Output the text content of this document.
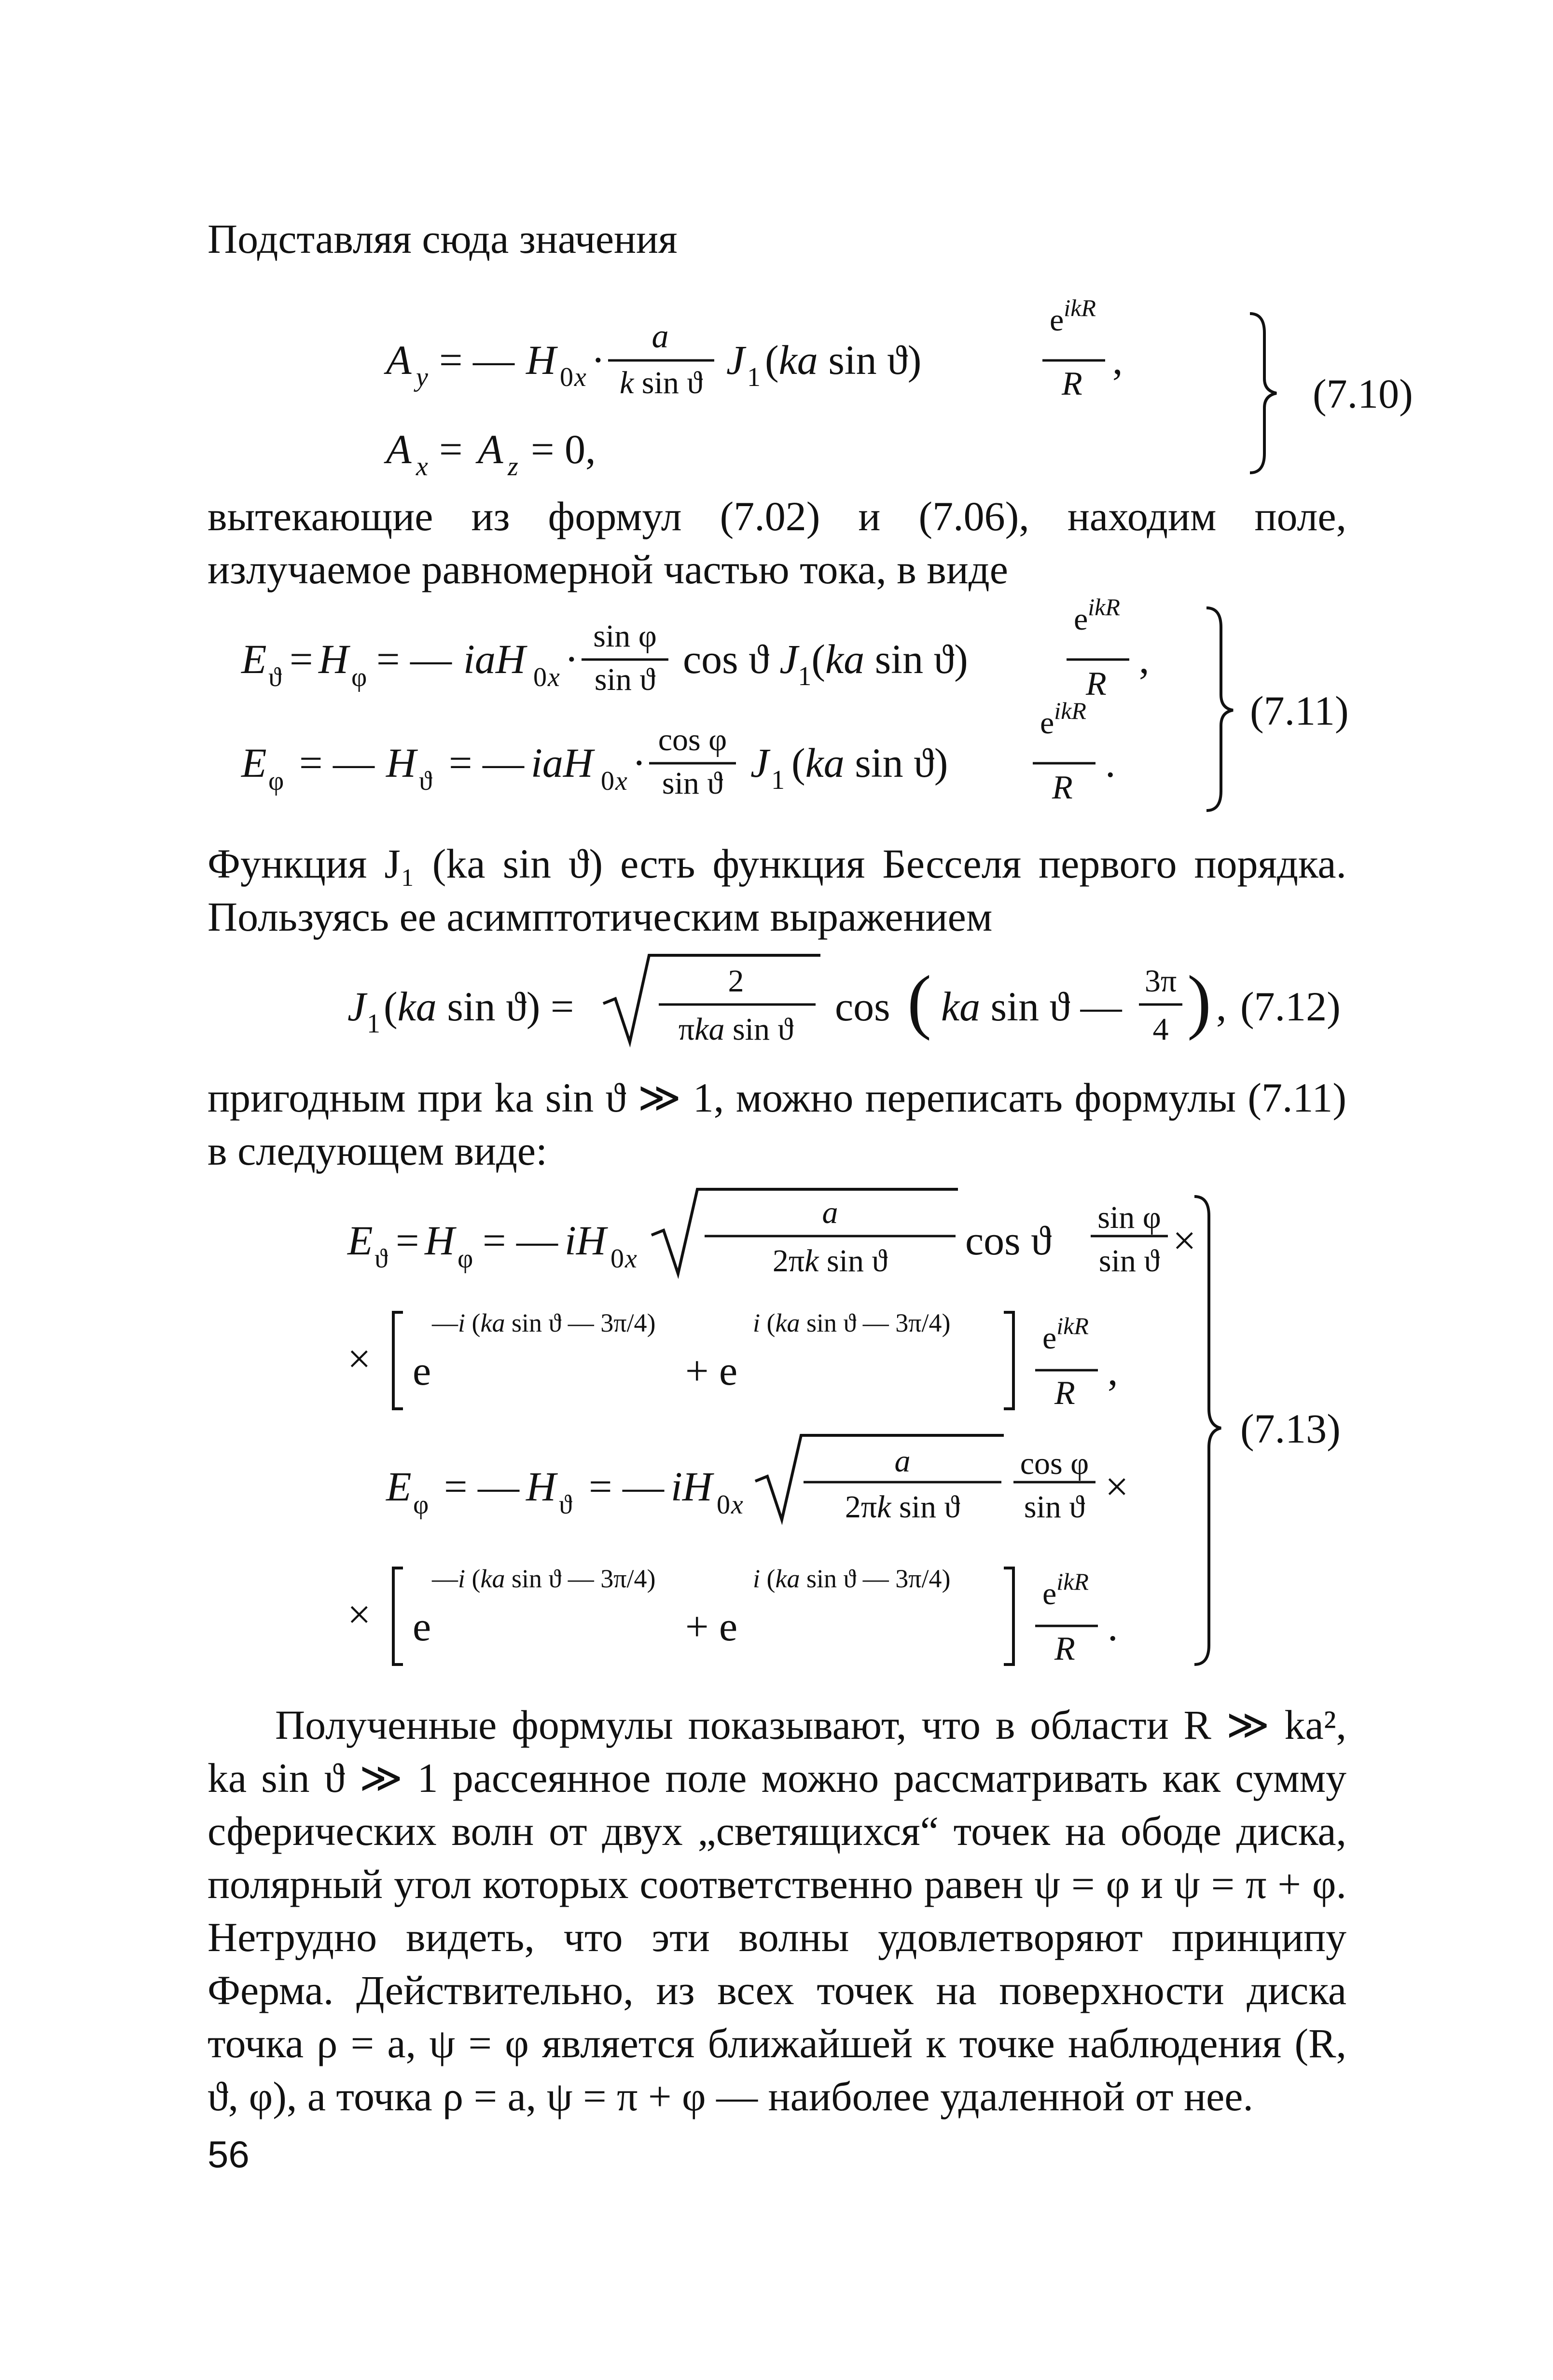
Подставляя сюда значения
A y = — H 0 x ·
a
k sin ϑ J 1 (ka sin ϑ)
$e^{ikR}$
R
,
A x = A z = 0,
(7.10)

вытекающие из формул (7.02) и (7.06), находим поле, излучаемое равномерной частью тока, в виде

E ϑ = H φ = — iaH 0 x · sin φ
sin ϑ cos ϑ $J_1(ka$ sin ϑ)
$e^{ikR}$
R
,
E φ = — H ϑ = — iaH 0 x · cos φ
sin ϑ J 1 (ka sin ϑ)
$e^{ikR}$
R
.
(7.11)

Функция J₁ (ka sin ϑ) есть функция Бесселя первого порядка. Пользуясь ее асимптотическим выражением

J 1 (ka sin ϑ) =
2
πka sin ϑ cos ( ka sin ϑ —
3π
4 ) , (7.12)

пригодным при ka sin ϑ ≫ 1, можно переписать формулы (7.11) в следующем виде:

E ϑ = H φ = — iH 0 x
a
2πk sin ϑ cos ϑ sin φ
sin ϑ ×
× e
—i (ka sin ϑ — 3π/4)
+ e
i (ka sin ϑ — 3π/4)	$e^{ikR}$
R ,
E φ = — H ϑ = — iH 0 x
a
2πk sin ϑ
cos φ
sin ϑ ×
× e
—i (ka sin ϑ — 3π/4)
+ e
i (ka sin ϑ — 3π/4)	$e^{ikR}$
R .
(7.13)

Полученные формулы показывают, что в области R ≫ ka², ka sin ϑ ≫ 1 рассеянное поле можно рассматривать как сумму сферических волн от двух „светящихся“ точек на ободе диска, полярный угол которых соответственно равен ψ = φ и ψ = π + φ. Нетрудно видеть, что эти волны удовлетворяют принципу Ферма. Действительно, из всех точек на поверхности диска точка ρ = a, ψ = φ является ближайшей к точке наблюдения (R, ϑ, φ), а точка ρ = a, ψ = π + φ — наиболее удаленной от нее.

56
